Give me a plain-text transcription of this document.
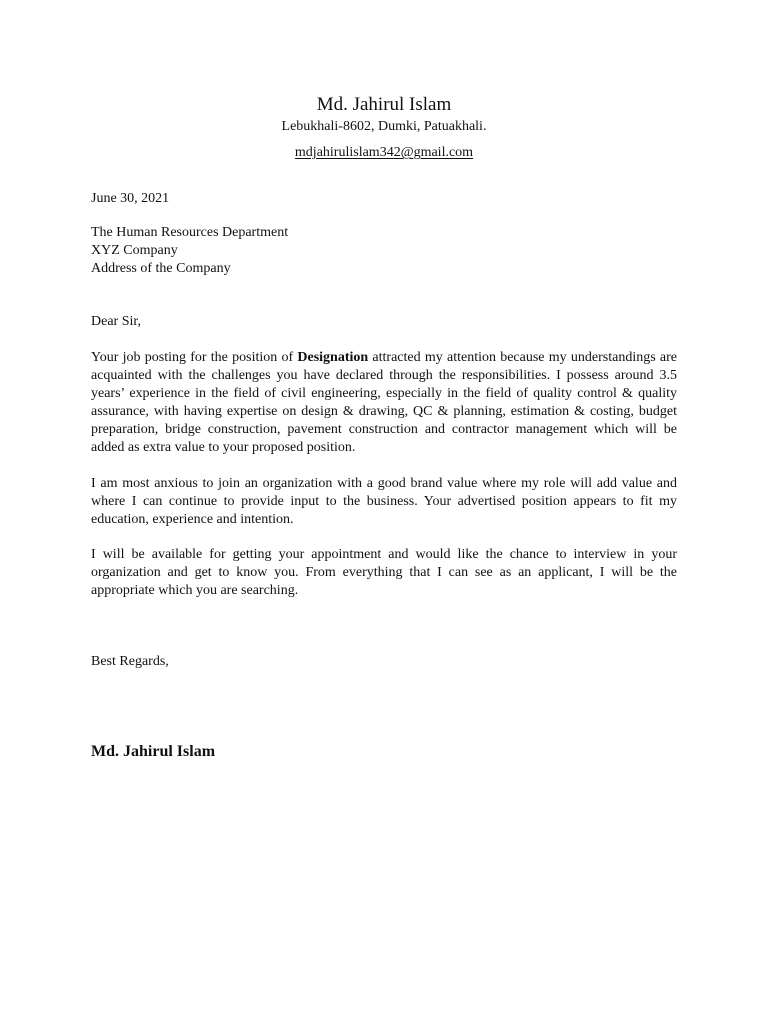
Md. Jahirul Islam
Lebukhali-8602, Dumki, Patuakhali.
mdjahirulislam342@gmail.com
June 30, 2021
The Human Resources Department
XYZ Company
Address of the Company
Dear Sir,
Your job posting for the position of Designation attracted my attention because my understandings are acquainted with the challenges you have declared through the responsibilities. I possess around 3.5 years’ experience in the field of civil engineering, especially in the field of quality control & quality assurance, with having expertise on design & drawing, QC & planning, estimation & costing, budget preparation, bridge construction, pavement construction and contractor management which will be added as extra value to your proposed position.
I am most anxious to join an organization with a good brand value where my role will add value and where I can continue to provide input to the business. Your advertised position appears to fit my education, experience and intention.
I will be available for getting your appointment and would like the chance to interview in your organization and get to know you. From everything that I can see as an applicant, I will be the appropriate which you are searching.
Best Regards,
Md. Jahirul Islam
